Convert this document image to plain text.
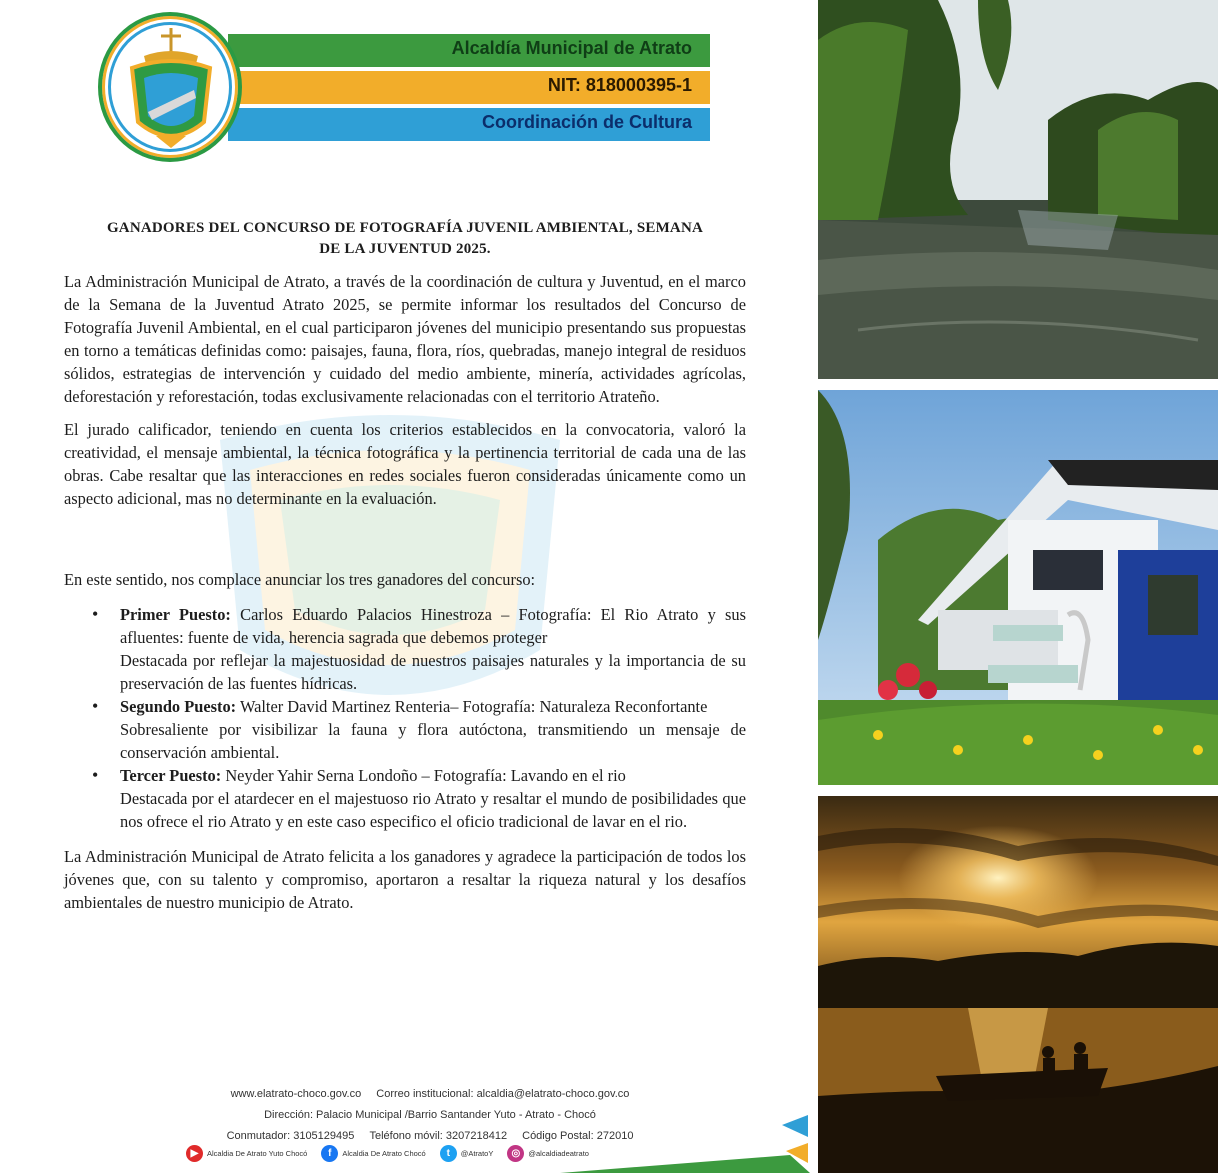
Alcaldía Municipal de Atrato
NIT: 818000395-1
Coordinación de Cultura
GANADORES DEL CONCURSO DE FOTOGRAFÍA JUVENIL AMBIENTAL, SEMANA
DE LA JUVENTUD 2025.

La Administración Municipal de Atrato, a través de la coordinación de cultura y Juventud, en el marco de la Semana de la Juventud Atrato 2025, se permite informar los resultados del Concurso de Fotografía Juvenil Ambiental, en el cual participaron jóvenes del municipio presentando sus propuestas en torno a temáticas definidas como: paisajes, fauna, flora, ríos, quebradas, manejo integral de residuos sólidos, estrategias de intervención y cuidado del medio ambiente, minería, actividades agrícolas, deforestación y reforestación, todas exclusivamente relacionadas con el territorio Atrateño.

El jurado calificador, teniendo en cuenta los criterios establecidos en la convocatoria, valoró la creatividad, el mensaje ambiental, la técnica fotográfica y la pertinencia territorial de cada una de las obras. Cabe resaltar que las interacciones en redes sociales fueron consideradas únicamente como un aspecto adicional, mas no determinante en la evaluación.

En este sentido, nos complace anunciar los tres ganadores del concurso:

• Primer Puesto: Carlos Eduardo Palacios Hinestroza – Fotografía: El Rio Atrato y sus afluentes: fuente de vida, herencia sagrada que debemos proteger
Destacada por reflejar la majestuosidad de nuestros paisajes naturales y la importancia de su preservación de las fuentes hídricas.
• Segundo Puesto: Walter David Martinez Renteria– Fotografía: Naturaleza Reconfortante
Sobresaliente por visibilizar la fauna y flora autóctona, transmitiendo un mensaje de conservación ambiental.
• Tercer Puesto: Neyder Yahir Serna Londoño – Fotografía: Lavando en el rio
Destacada por el atardecer en el majestuoso rio Atrato y resaltar el mundo de posibilidades que nos ofrece el rio Atrato y en este caso especifico el oficio tradicional de lavar en el rio.

La Administración Municipal de Atrato felicita a los ganadores y agradece la participación de todos los jóvenes que, con su talento y compromiso, aportaron a resaltar la riqueza natural y los desafíos ambientales de nuestro municipio de Atrato.

www.elatrato-choco.gov.co Correo institucional: alcaldia@elatrato-choco.gov.co
Dirección: Palacio Municipal /Barrio Santander Yuto - Atrato - Chocó
Conmutador: 3105129495 Teléfono móvil: 3207218412 Código Postal: 272010
▶	Alcaldia De Atrato Yuto Chocó	f	Alcaldia De Atrato Chocó	t	@AtratoY	◎	@alcaldiadeatrato
